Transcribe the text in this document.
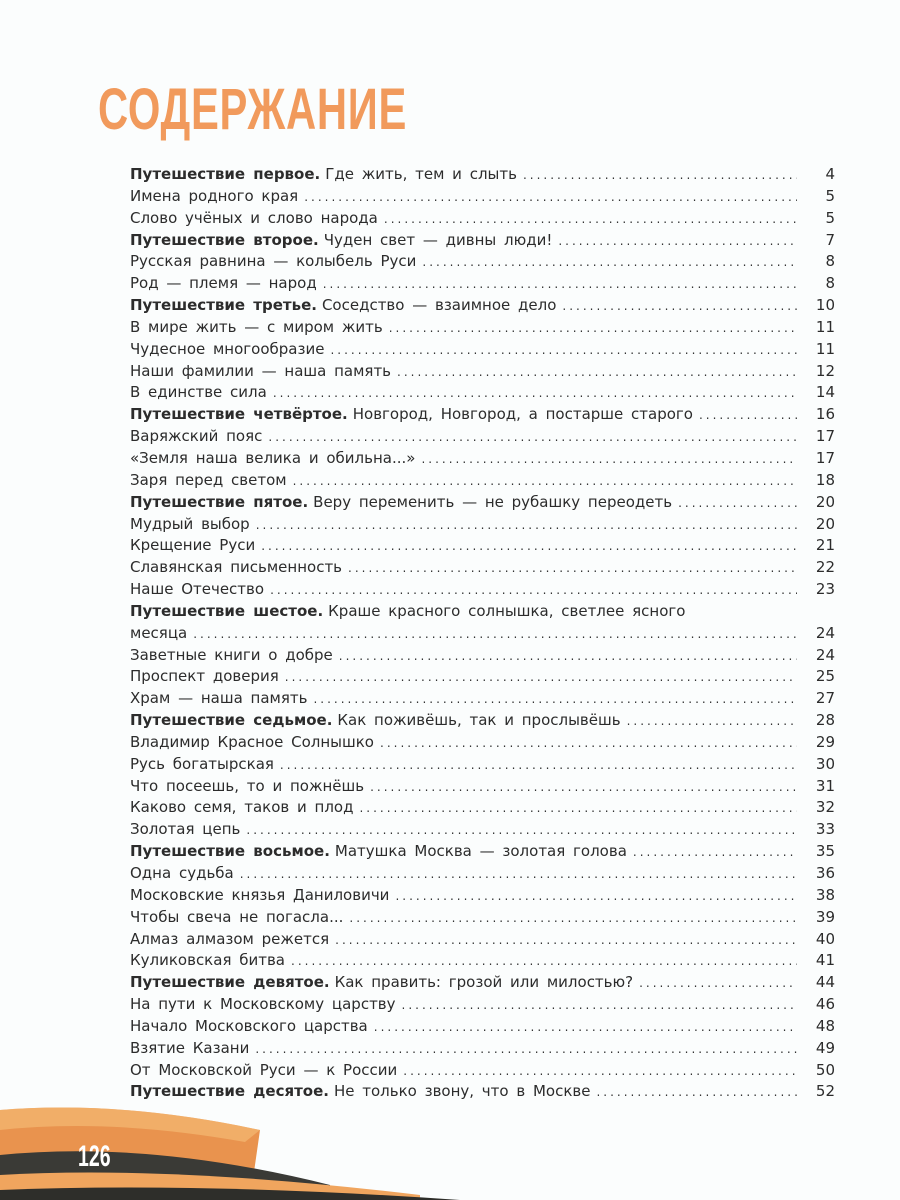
СОДЕРЖАНИЕ
Путешествие первое. Где жить, тем и слыть .....	4
Имена родного края .....	5
Слово учёных и слово народа .....	5
Путешествие второе. Чуден свет — дивны люди! .....	7
Русская равнина — колыбель Руси .....	8
Род — племя — народ .....	8
Путешествие третье. Соседство — взаимное дело .....	10
В мире жить — с миром жить .....	11
Чудесное многообразие .....	11
Наши фамилии — наша память .....	12
В единстве сила .....	14
Путешествие четвёртое. Новгород, Новгород, а постарше старого .....	16
Варяжский пояс .....	17
«Земля наша велика и обильна...» .....	17
Заря перед светом .....	18
Путешествие пятое. Веру переменить — не рубашку переодеть .....	20
Мудрый выбор .....	20
Крещение Руси .....	21
Славянская письменность .....	22
Наше Отечество .....	23
Путешествие шестое. Краше красного солнышка, светлее ясного
месяца .....	24
Заветные книги о добре .....	24
Проспект доверия .....	25
Храм — наша память .....	27
Путешествие седьмое. Как поживёшь, так и прослывёшь .....	28
Владимир Красное Солнышко .....	29
Русь богатырская .....	30
Что посеешь, то и пожнёшь .....	31
Каково семя, таков и плод .....	32
Золотая цепь .....	33
Путешествие восьмое. Матушка Москва — золотая голова .....	35
Одна судьба .....	36
Московские князья Даниловичи .....	38
Чтобы свеча не погасла... .....	39
Алмаз алмазом режется .....	40
Куликовская битва .....	41
Путешествие девятое. Как править: грозой или милостью? .....	44
На пути к Московскому царству .....	46
Начало Московского царства .....	48
Взятие Казани .....	49
От Московской Руси — к России .....	50
Путешествие десятое. Не только звону, что в Москве .....	52
126
